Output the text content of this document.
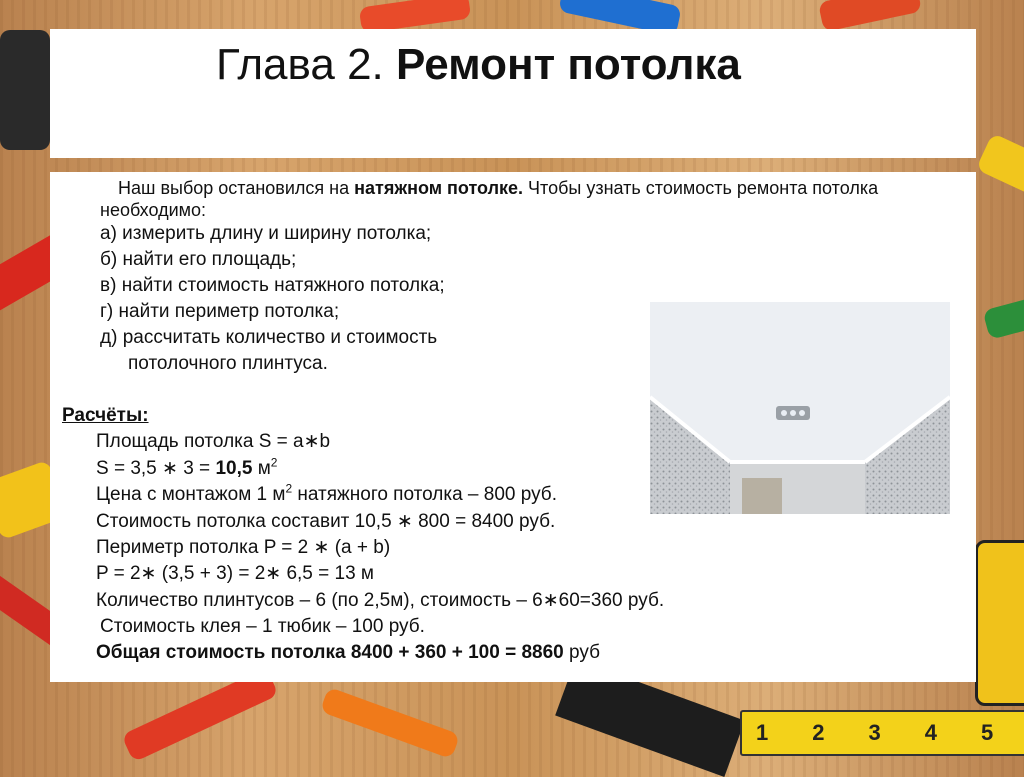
1 2 3 4 5
Глава 2. Ремонт потолка

Наш выбор остановился на натяжном потолке. Чтобы узнать стоимость ремонта потолка необходимо:

а) измерить длину и ширину потолка;

б) найти его площадь;

в) найти стоимость натяжного потолка;

г) найти периметр потолка;

д) рассчитать количество и стоимость

потолочного плинтуса.

Расчёты:

Площадь потолка S = a∗b

S = 3,5 ∗ 3 = 10,5 $м^2$

Цена с монтажом 1 $м^2$ натяжного потолка – 800 руб.

Стоимость потолка составит 10,5 ∗ 800 = 8400 руб.

Периметр потолка P = 2 ∗ (a + b)

P = 2∗ (3,5 + 3) = 2∗ 6,5 = 13 м

Количество плинтусов – 6 (по 2,5м), стоимость – 6∗60=360 руб.

Стоимость клея – 1 тюбик – 100 руб.

Общая стоимость потолка 8400 + 360 + 100 = 8860 руб
